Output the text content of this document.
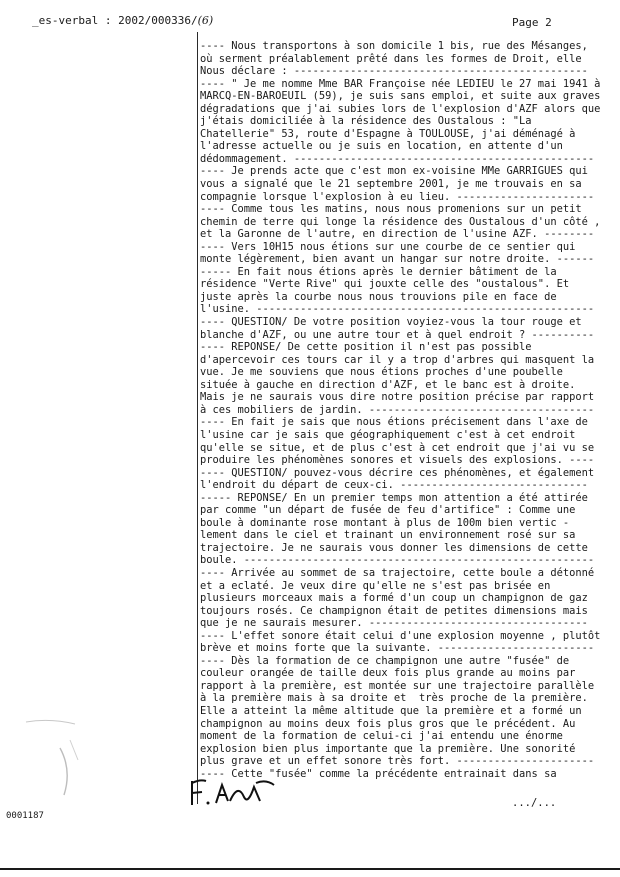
_es-verbal : 2002/000336/(6)	Page 2
---- Nous transportons à son domicile 1 bis, rue des Mésanges,
où serment préalablement prêté dans les formes de Droit, elle
Nous déclare : -----------------------------------------------
---- " Je me nomme Mme BAR Françoise née LEDIEU le 27 mai 1941 à
MARCQ-EN-BAROEUIL (59), je suis sans emploi, et suite aux graves
dégradations que j'ai subies lors de l'explosion d'AZF alors que
j'étais domiciliée à la résidence des Oustalous : "La
Chatellerie" 53, route d'Espagne à TOULOUSE, j'ai déménagé à
l'adresse actuelle ou je suis en location, en attente d'un
dédommagement. ------------------------------------------------
---- Je prends acte que c'est mon ex-voisine MMe GARRIGUES qui
vous a signalé que le 21 septembre 2001, je me trouvais en sa
compagnie lorsque l'explosion à eu lieu. ----------------------
---- Comme tous les matins, nous nous promenions sur un petit
chemin de terre qui longe la résidence des Oustalous d'un côté ,
et la Garonne de l'autre, en direction de l'usine AZF. --------
---- Vers 10H15 nous étions sur une courbe de ce sentier qui
monte légèrement, bien avant un hangar sur notre droite. ------
----- En fait nous étions après le dernier bâtiment de la
résidence "Verte Rive" qui jouxte celle des "oustalous". Et
juste après la courbe nous nous trouvions pile en face de
l'usine. ------------------------------------------------------
---- QUESTION/ De votre position voyiez-vous la tour rouge et
blanche d'AZF, ou une autre tour et à quel endroit ? ----------
---- REPONSE/ De cette position il n'est pas possible
d'apercevoir ces tours car il y a trop d'arbres qui masquent la
vue. Je me souviens que nous étions proches d'une poubelle
située à gauche en direction d'AZF, et le banc est à droite.
Mais je ne saurais vous dire notre position précise par rapport
à ces mobiliers de jardin. ------------------------------------
---- En fait je sais que nous étions précisement dans l'axe de
l'usine car je sais que géographiquement c'est à cet endroit
qu'elle se situe, et de plus c'est à cet endroit que j'ai vu se
produire les phénomènes sonores et visuels des explosions. ----
---- QUESTION/ pouvez-vous décrire ces phénomènes, et également
l'endroit du départ de ceux-ci. ------------------------------
----- REPONSE/ En un premier temps mon attention a été attirée
par comme "un départ de fusée de feu d'artifice" : Comme une
boule à dominante rose montant à plus de 100m bien vertic -
lement dans le ciel et trainant un environnement rosé sur sa
trajectoire. Je ne saurais vous donner les dimensions de cette
boule. --------------------------------------------------------
---- Arrivée au sommet de sa trajectoire, cette boule a détonné
et a eclaté. Je veux dire qu'elle ne s'est pas brisée en
plusieurs morceaux mais a formé d'un coup un champignon de gaz
toujours rosés. Ce champignon était de petites dimensions mais
que je ne saurais mesurer. -----------------------------------
---- L'effet sonore était celui d'une explosion moyenne , plutôt
brève et moins forte que la suivante. -------------------------
---- Dès la formation de ce champignon une autre "fusée" de
couleur orangée de taille deux fois plus grande au moins par
rapport à la première, est montée sur une trajectoire parallèle
à la première mais à sa droite et  très proche de la première.
Elle a atteint la même altitude que la première et a formé un
champignon au moins deux fois plus gros que le précédent. Au
moment de la formation de celui-ci j'ai entendu une énorme
explosion bien plus importante que la première. Une sonorité
plus grave et un effet sonore très fort. ----------------------
---- Cette "fusée" comme la précédente entrainait dans sa
.../...
0001187
